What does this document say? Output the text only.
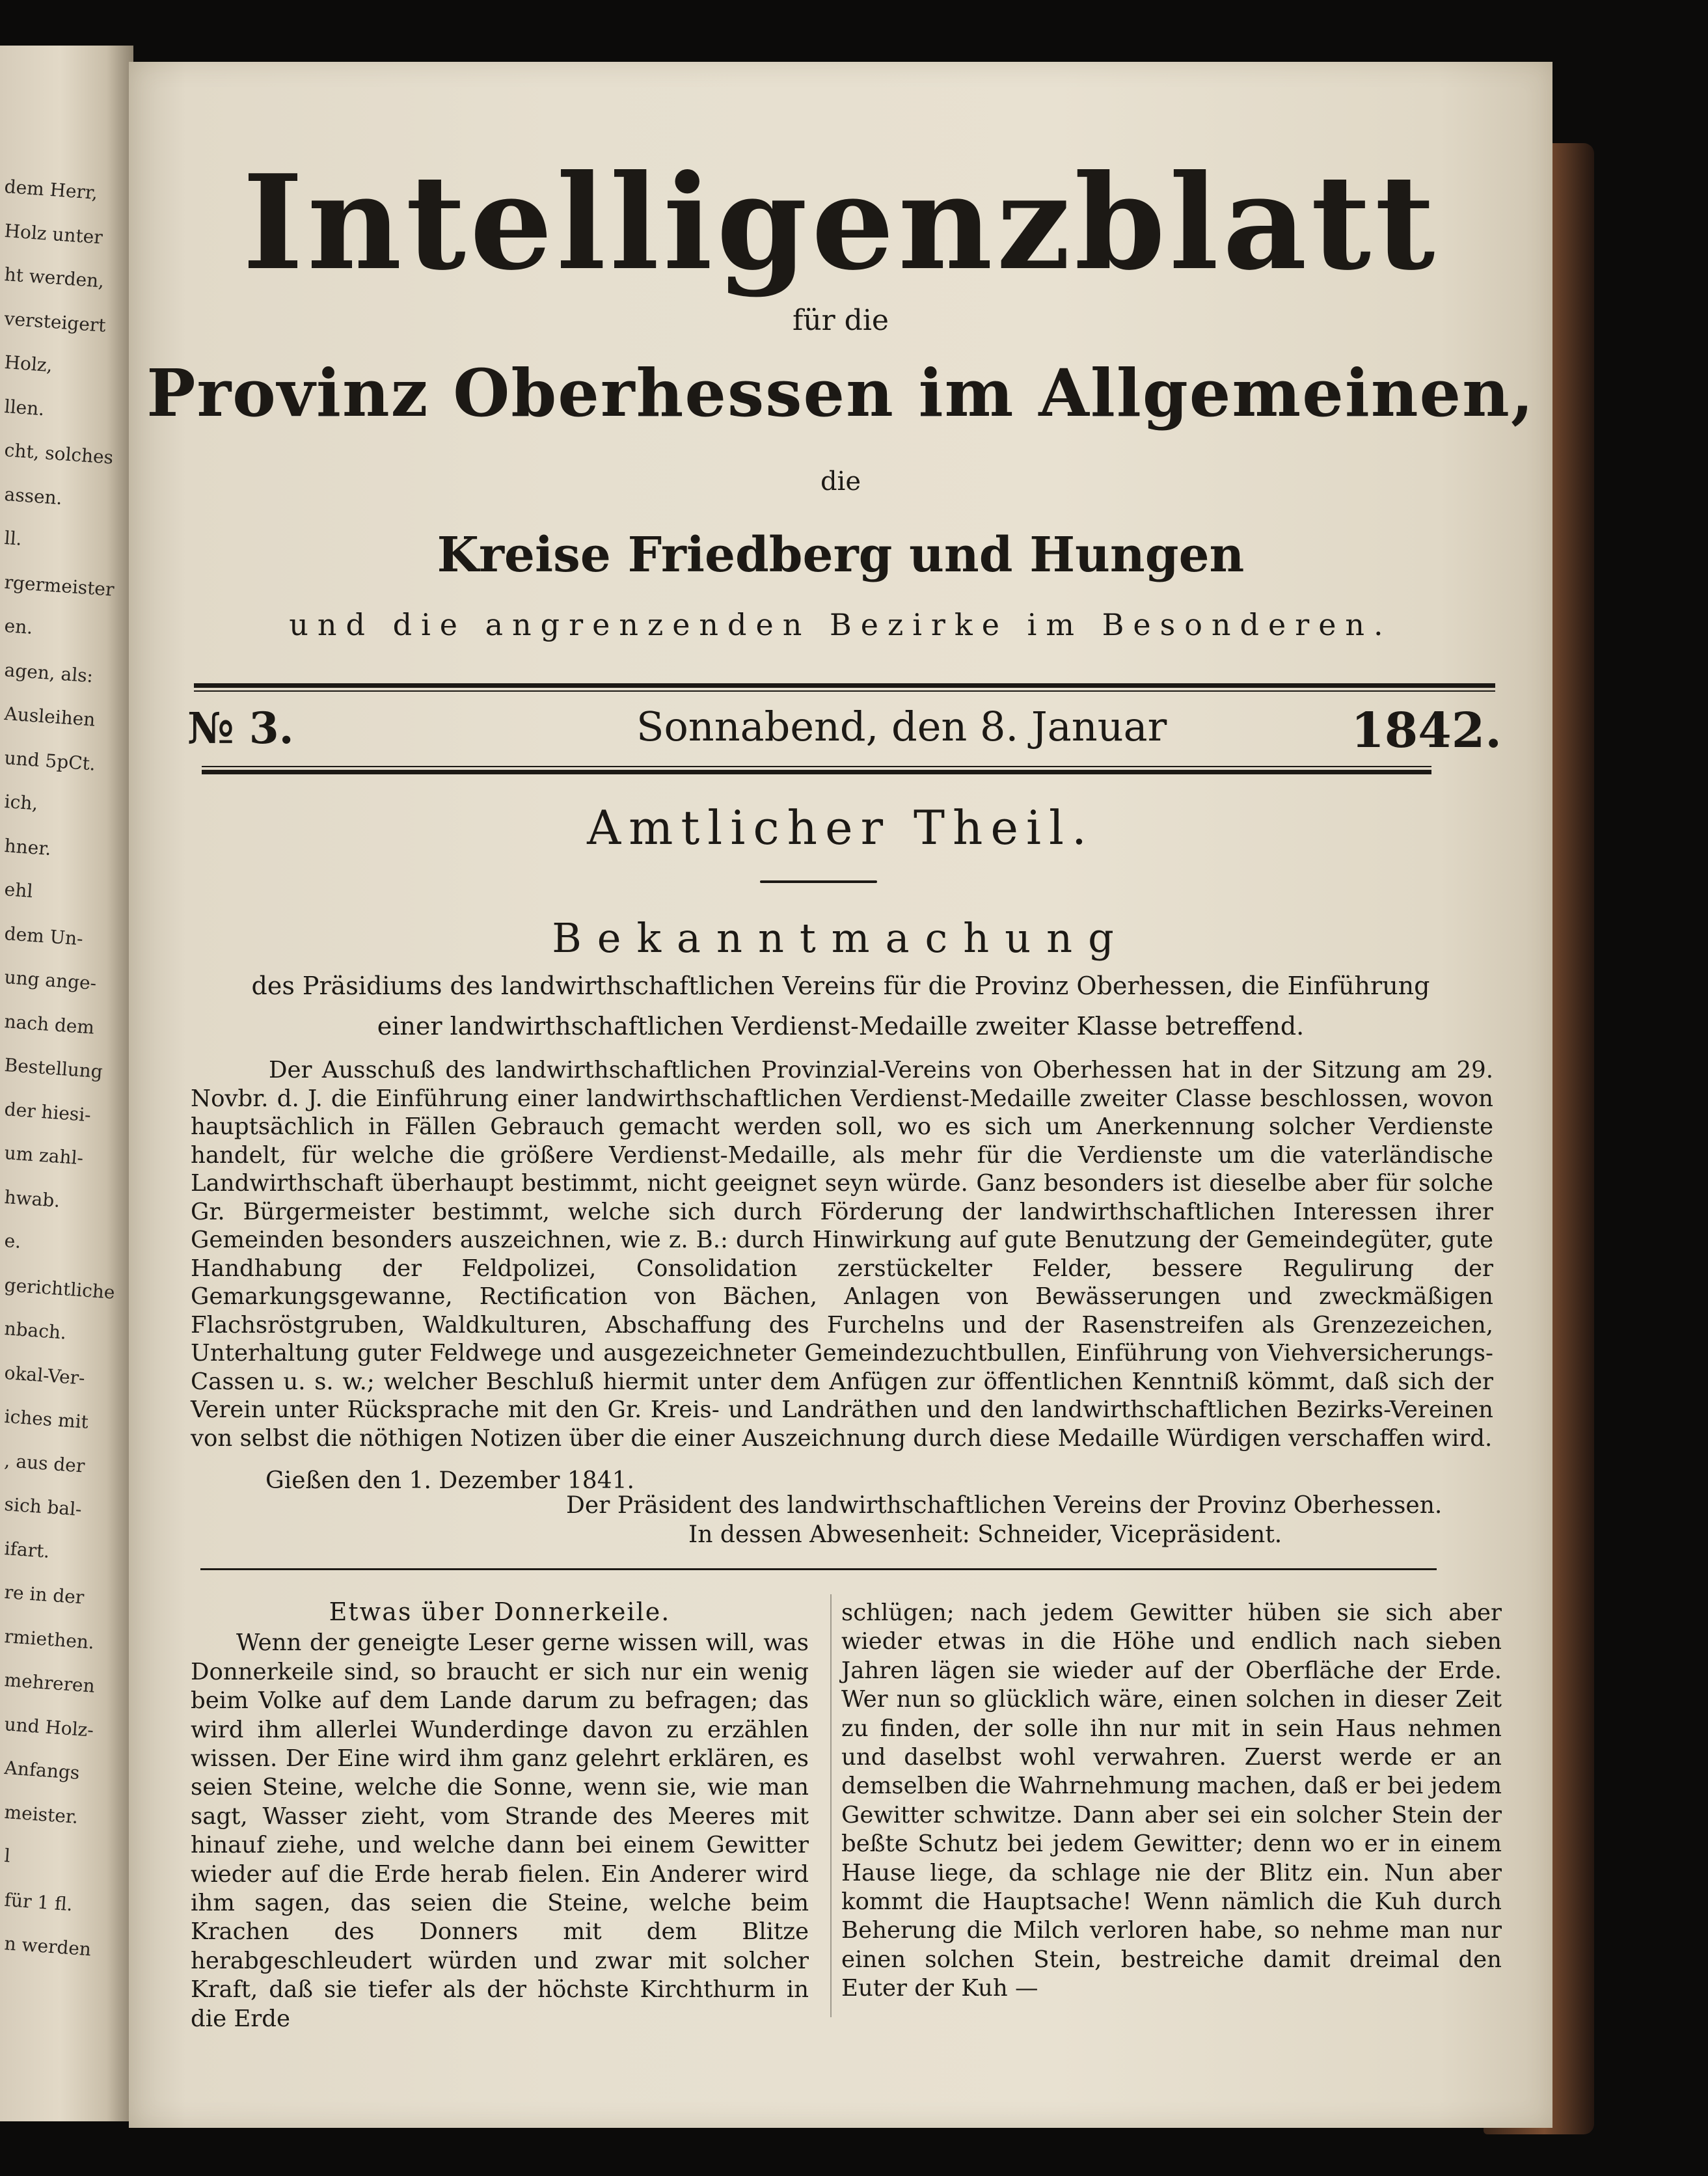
dem Herr,
Holz unter
ht werden,
versteigert
Holz,
llen.
cht, solches
assen.
ll.
rgermeister
en.
agen, als:
Ausleihen
und 5pCt.
ich,
hner.
ehl
dem Un-
ung ange-
nach dem
Bestellung
der hiesi-
um zahl-
hwab.
e.
gerichtliche
nbach.
okal-Ver-
iches mit
, aus der
sich bal-
ifart.
re in der
rmiethen.
mehreren
und Holz-
Anfangs
meister.
l
für 1 fl.
n werden
Intelligenzblatt
für die
Provinz Oberhessen im Allgemeinen,
die
Kreise Friedberg und Hungen
und die angrenzenden Bezirke im Besonderen.
№ 3.	Sonnabend, den 8. Januar	1842.
Amtlicher Theil.
Bekanntmachung
des Präsidiums des landwirthschaftlichen Vereins für die Provinz Oberhessen, die Einführung
einer landwirthschaftlichen Verdienst-Medaille zweiter Klasse betreffend.

Der Ausschuß des landwirthschaftlichen Provinzial-Vereins von Oberhessen hat in der Sitzung am 29. Novbr. d. J. die Einführung einer landwirthschaftlichen Verdienst-Medaille zweiter Classe beschlossen, wovon hauptsächlich in Fällen Gebrauch gemacht werden soll, wo es sich um Anerkennung solcher Verdienste handelt, für welche die größere Verdienst-Medaille, als mehr für die Verdienste um die vaterländische Landwirthschaft überhaupt bestimmt, nicht geeignet seyn würde. Ganz besonders ist dieselbe aber für solche Gr. Bürgermeister bestimmt, welche sich durch Förderung der landwirthschaftlichen Interessen ihrer Gemeinden besonders auszeichnen, wie z. B.: durch Hinwirkung auf gute Benutzung der Gemeindegüter, gute Handhabung der Feldpolizei, Consolidation zerstückelter Felder, bessere Regulirung der Gemarkungsgewanne, Rectification von Bächen, Anlagen von Bewässerungen und zweckmäßigen Flachsröstgruben, Waldkulturen, Abschaffung des Furchelns und der Rasenstreifen als Grenzezeichen, Unterhaltung guter Feldwege und ausgezeichneter Gemeindezuchtbullen, Einführung von Viehversicherungs-Cassen u. s. w.; welcher Beschluß hiermit unter dem Anfügen zur öffentlichen Kenntniß kömmt, daß sich der Verein unter Rücksprache mit den Gr. Kreis- und Landräthen und den landwirthschaftlichen Bezirks-Vereinen von selbst die nöthigen Notizen über die einer Auszeichnung durch diese Medaille Würdigen verschaffen wird.

Gießen den 1. Dezember 1841.
Der Präsident des landwirthschaftlichen Vereins der Provinz Oberhessen.
In dessen Abwesenheit: Schneider, Vicepräsident.
Etwas über Donnerkeile.

Wenn der geneigte Leser gerne wissen will, was Donnerkeile sind, so braucht er sich nur ein wenig beim Volke auf dem Lande darum zu befragen; das wird ihm allerlei Wunderdinge davon zu erzählen wissen. Der Eine wird ihm ganz gelehrt erklären, es seien Steine, welche die Sonne, wenn sie, wie man sagt, Wasser zieht, vom Strande des Meeres mit hinauf ziehe, und welche dann bei einem Gewitter wieder auf die Erde herab fielen. Ein Anderer wird ihm sagen, das seien die Steine, welche beim Krachen des Donners mit dem Blitze herabgeschleudert würden und zwar mit solcher Kraft, daß sie tiefer als der höchste Kirchthurm in die Erde

schlügen; nach jedem Gewitter hüben sie sich aber wieder etwas in die Höhe und endlich nach sieben Jahren lägen sie wieder auf der Oberfläche der Erde. Wer nun so glücklich wäre, einen solchen in dieser Zeit zu finden, der solle ihn nur mit in sein Haus nehmen und daselbst wohl verwahren. Zuerst werde er an demselben die Wahrnehmung machen, daß er bei jedem Gewitter schwitze. Dann aber sei ein solcher Stein der beßte Schutz bei jedem Gewitter; denn wo er in einem Hause liege, da schlage nie der Blitz ein. Nun aber kommt die Hauptsache! Wenn nämlich die Kuh durch Beherung die Milch verloren habe, so nehme man nur einen solchen Stein, bestreiche damit dreimal den Euter der Kuh —
